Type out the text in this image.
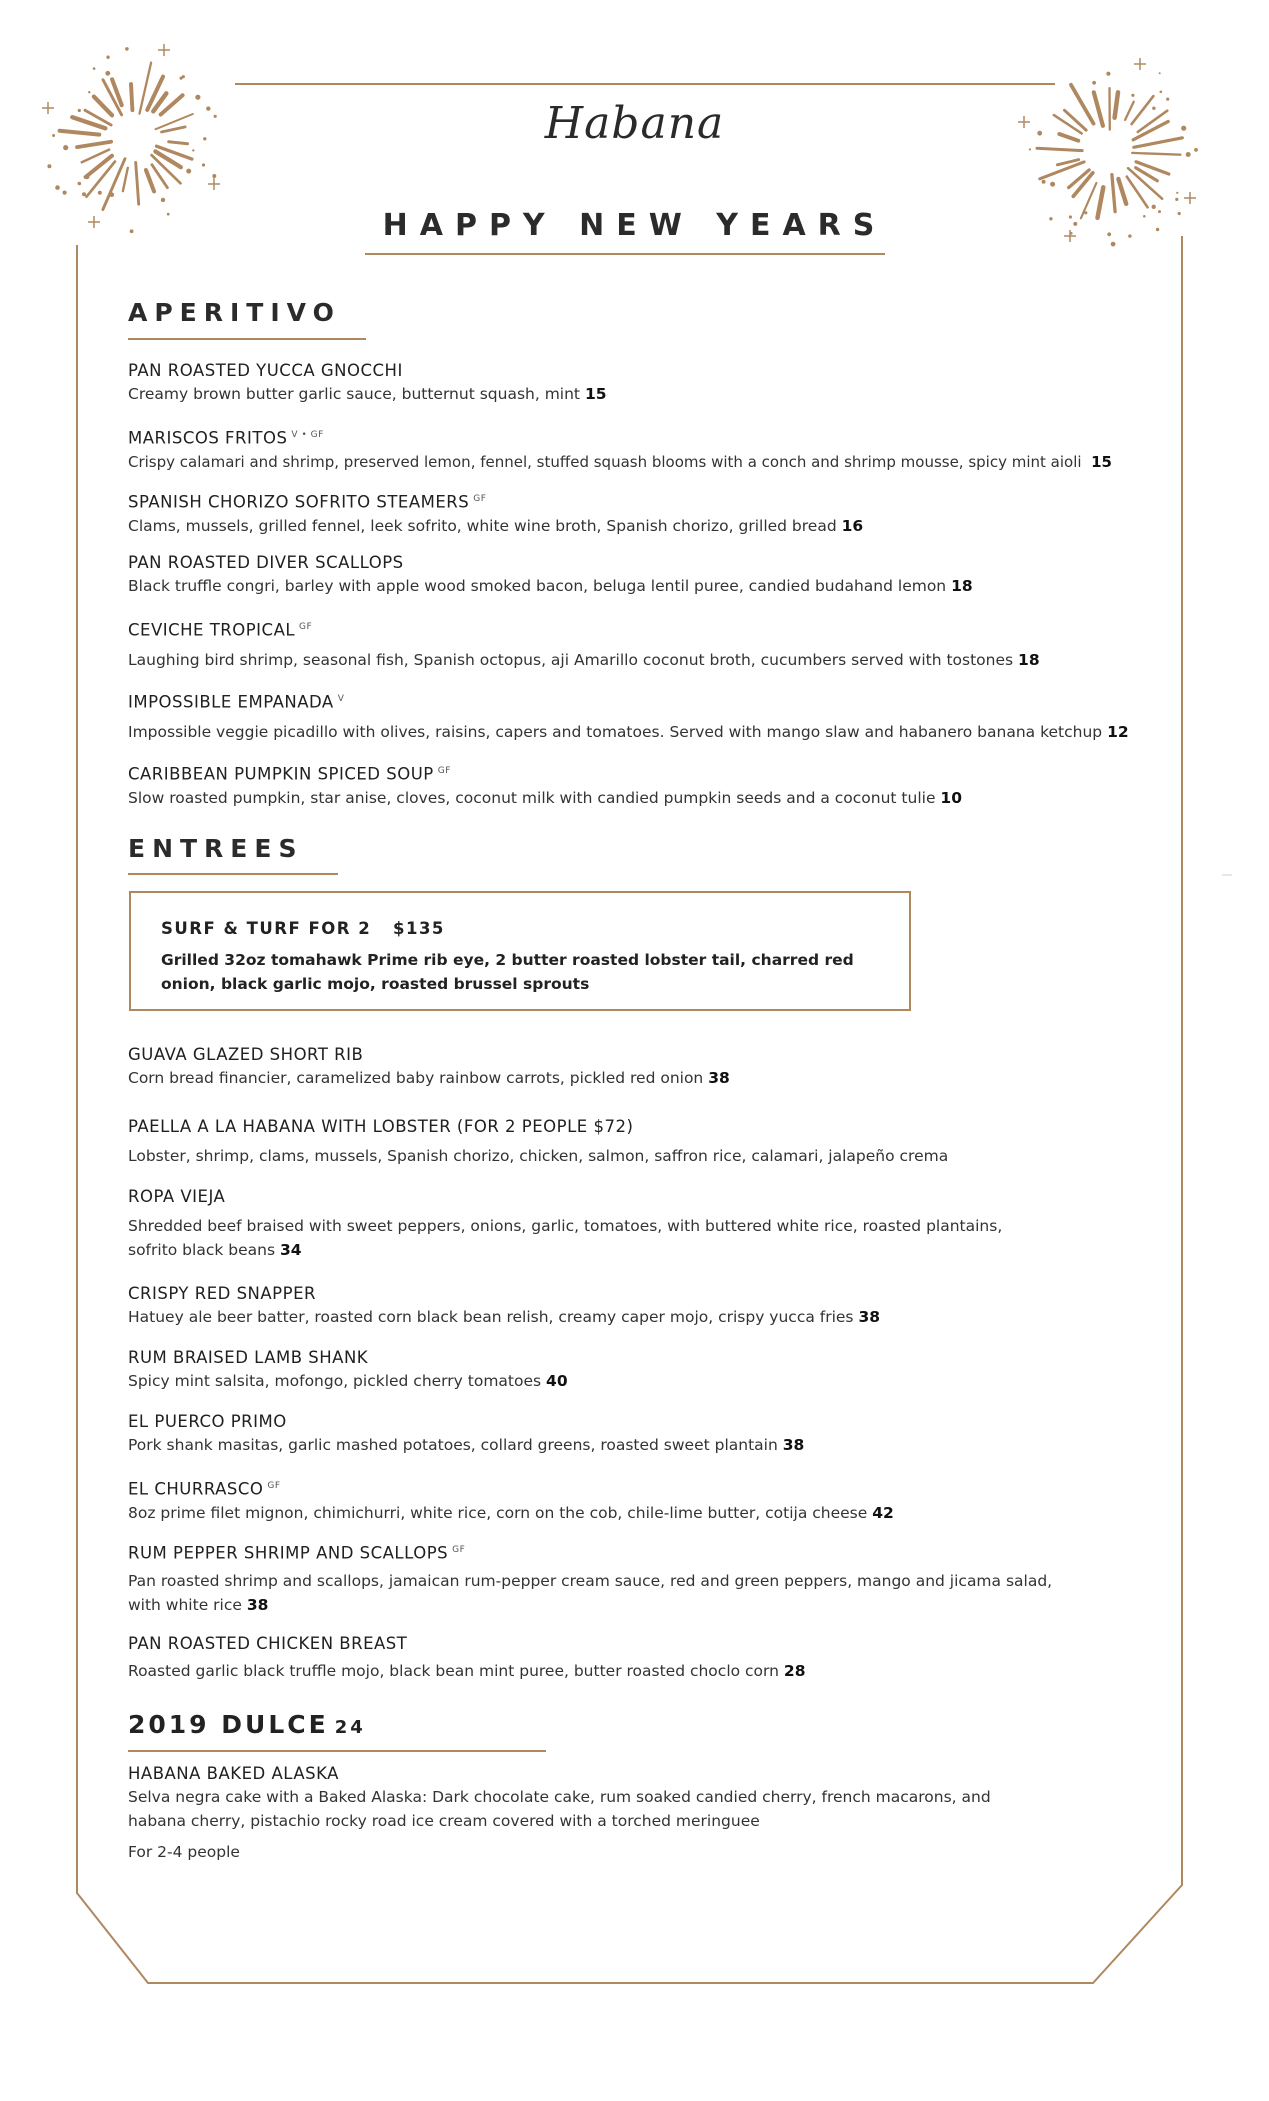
Habana
HAPPY NEW YEARS
APERITIVO
PAN ROASTED YUCCA GNOCCHI
Creamy brown butter garlic sauce, butternut squash, mint 15
MARISCOS FRITOS $^{V • GF}$
Crispy calamari and shrimp, preserved lemon, fennel, stuffed squash blooms with a conch and shrimp mousse, spicy mint aioli 15
SPANISH CHORIZO SOFRITO STEAMERS $^{GF}$
Clams, mussels, grilled fennel, leek sofrito, white wine broth, Spanish chorizo, grilled bread 16
PAN ROASTED DIVER SCALLOPS
Black truffle congri, barley with apple wood smoked bacon, beluga lentil puree, candied budahand lemon 18
CEVICHE TROPICAL $^{GF}$
Laughing bird shrimp, seasonal fish, Spanish octopus, aji Amarillo coconut broth, cucumbers served with tostones 18
IMPOSSIBLE EMPANADA $^V$
Impossible veggie picadillo with olives, raisins, capers and tomatoes. Served with mango slaw and habanero banana ketchup 12
CARIBBEAN PUMPKIN SPICED SOUP $^{GF}$
Slow roasted pumpkin, star anise, cloves, coconut milk with candied pumpkin seeds and a coconut tulie 10
ENTREES
SURF & TURF FOR 2 $135
Grilled 32oz tomahawk Prime rib eye, 2 butter roasted lobster tail, charred red onion, black garlic mojo, roasted brussel sprouts
GUAVA GLAZED SHORT RIB
Corn bread financier, caramelized baby rainbow carrots, pickled red onion 38
PAELLA A LA HABANA WITH LOBSTER (FOR 2 PEOPLE $72)
Lobster, shrimp, clams, mussels, Spanish chorizo, chicken, salmon, saffron rice, calamari, jalapeño crema
ROPA VIEJA
Shredded beef braised with sweet peppers, onions, garlic, tomatoes, with buttered white rice, roasted plantains, sofrito black beans 34
CRISPY RED SNAPPER
Hatuey ale beer batter, roasted corn black bean relish, creamy caper mojo, crispy yucca fries 38
RUM BRAISED LAMB SHANK
Spicy mint salsita, mofongo, pickled cherry tomatoes 40
EL PUERCO PRIMO
Pork shank masitas, garlic mashed potatoes, collard greens, roasted sweet plantain 38
EL CHURRASCO $^{GF}$
8oz prime filet mignon, chimichurri, white rice, corn on the cob, chile-lime butter, cotija cheese 42
RUM PEPPER SHRIMP AND SCALLOPS $^{GF}$
Pan roasted shrimp and scallops, jamaican rum-pepper cream sauce, red and green peppers, mango and jicama salad, with white rice 38
PAN ROASTED CHICKEN BREAST
Roasted garlic black truffle mojo, black bean mint puree, butter roasted choclo corn 28
2019 DULCE 24
HABANA BAKED ALASKA
Selva negra cake with a Baked Alaska: Dark chocolate cake, rum soaked candied cherry, french macarons, and habana cherry, pistachio rocky road ice cream covered with a torched meringuee
For 2-4 people
